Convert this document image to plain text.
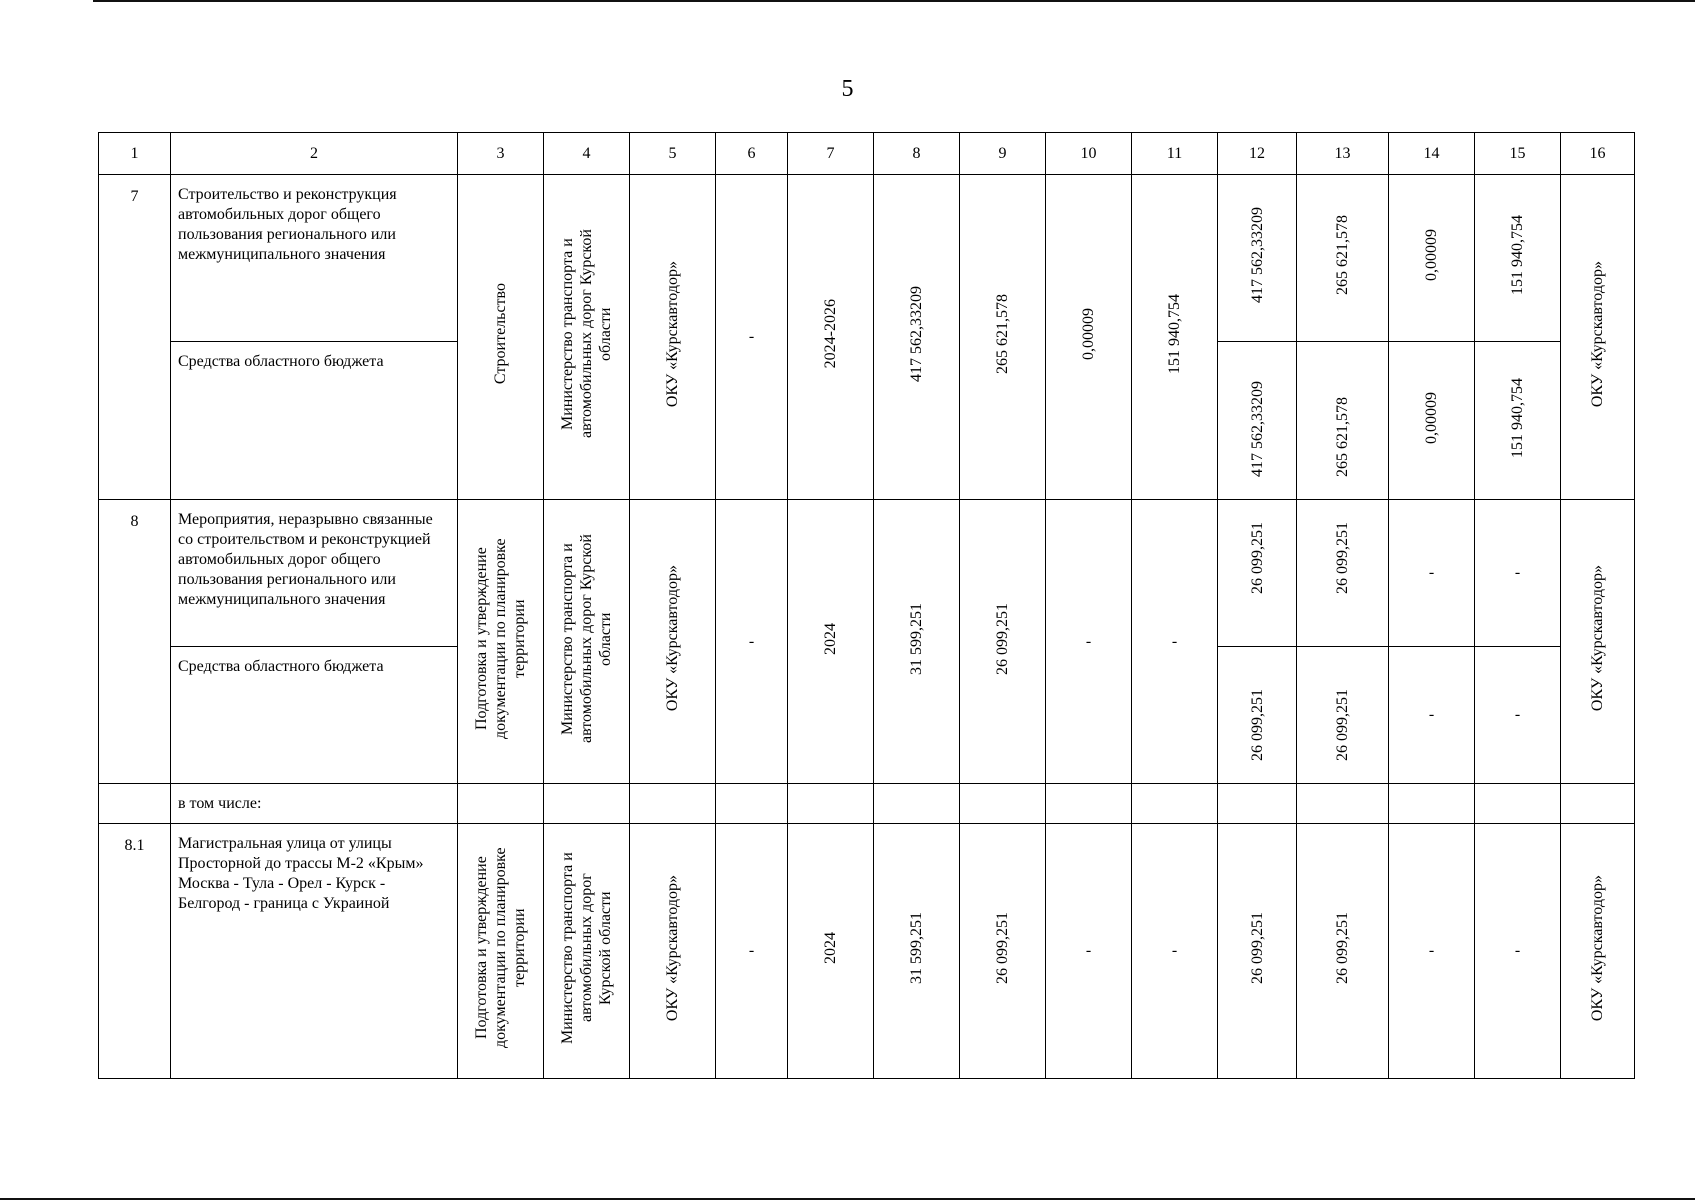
5
1	2	3	4	5	6	7	8	9	10	11	12	13	14	15	16
7	Строительство и реконструкция автомобильных дорог общего пользования регионального или межмуниципального значения	Строительство	Министерство транспорта и автомобильных дорог Курской области	ОКУ «Курскавтодор»	-	2024-2026	417 562,33209	265 621,578	0,00009	151 940,754	417 562,33209	265 621,578	0,00009	151 940,754	ОКУ «Курскавтодор»
	Средства областного бюджета										417 562,33209	265 621,578	0,00009	151 940,754	
8	Мероприятия, неразрывно связанные со строительством и реконструкцией автомобильных дорог общего пользования регионального или межмуниципального значения	Подготовка и утверждение документации по планировке территории	Министерство транспорта и автомобильных дорог Курской области	ОКУ «Курскавтодор»	-	2024	31 599,251	26 099,251	-	-	26 099,251	26 099,251	-	-	ОКУ «Курскавтодор»
	Средства областного бюджета										26 099,251	26 099,251	-	-	
	в том числе:														
8.1	Магистральная улица от улицы Просторной до трассы М-2 «Крым» Москва - Тула - Орел - Курск - Белгород - граница с Украиной	Подготовка и утверждение документации по планировке территории	Министерство транспорта и автомобильных дорог Курской области	ОКУ «Курскавтодор»	-	2024	31 599,251	26 099,251	-	-	26 099,251	26 099,251	-	-	ОКУ «Курскавтодор»
